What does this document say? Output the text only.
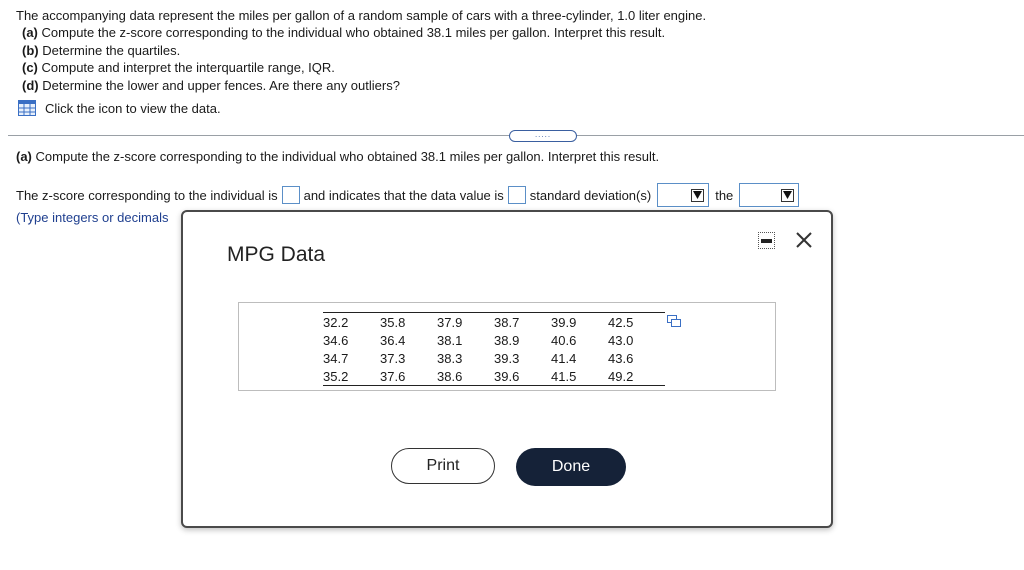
The accompanying data represent the miles per gallon of a random sample of cars with a three-cylinder, 1.0 liter engine.
(a) Compute the z-score corresponding to the individual who obtained 38.1 miles per gallon. Interpret this result.
(b) Determine the quartiles.
(c) Compute and interpret the interquartile range, IQR.
(d) Determine the lower and upper fences. Are there any outliers?
Click the icon to view the data.
.....
(a) Compute the z-score corresponding to the individual who obtained 38.1 miles per gallon. Interpret this result.
The z-score corresponding to the individual is and indicates that the data value is standard deviation(s)	the
(Type integers or decimals
MPG Data
32.2	35.8	37.9	38.7	39.9	42.5
34.6	36.4	38.1	38.9	40.6	43.0
34.7	37.3	38.3	39.3	41.4	43.6
35.2	37.6	38.6	39.6	41.5	49.2
Print	Done
